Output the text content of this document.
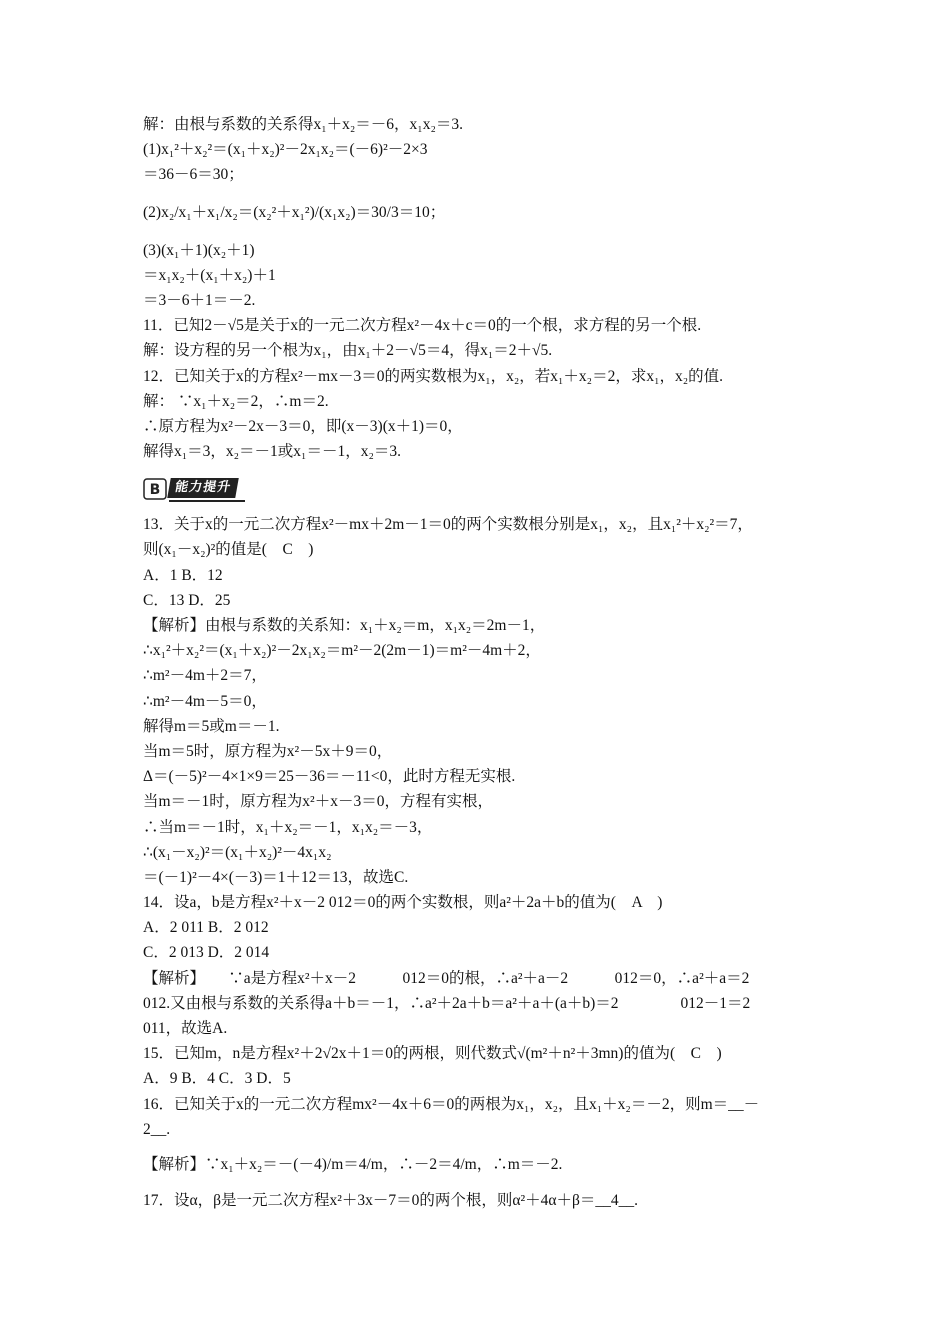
解：由根与系数的关系得x₁＋x₂＝－6，x₁x₂＝3.
(1)x₁²＋x₂²＝(x₁＋x₂)²－2x₁x₂＝(－6)²－2×3
＝36－6＝30；
(2)x₂/x₁＋x₁/x₂＝(x₂²＋x₁²)/(x₁x₂)＝30/3＝10；
(3)(x₁＋1)(x₂＋1)
＝x₁x₂＋(x₁＋x₂)＋1
＝3－6＋1＝－2.
11．已知2－√5是关于x的一元二次方程x²－4x＋c＝0的一个根，求方程的另一个根.
解：设方程的另一个根为x₁，由x₁＋2－√5＝4，得x₁＝2＋√5.
12．已知关于x的方程x²－mx－3＝0的两实数根为x₁，x₂，若x₁＋x₂＝2，求x₁，x₂的值.
解： ∵x₁＋x₂＝2，∴m＝2.
∴原方程为x²－2x－3＝0，即(x－3)(x＋1)＝0，
解得x₁＝3，x₂＝－1或x₁＝－1，x₂＝3.
B	能力提升
13．关于x的一元二次方程x²－mx＋2m－1＝0的两个实数根分别是x₁，x₂，且x₁²＋x₂²＝7，
则(x₁－x₂)²的值是(　C　)
A．1 B．12
C．13 D．25
【解析】由根与系数的关系知：x₁＋x₂＝m，x₁x₂＝2m－1，
∴x₁²＋x₂²＝(x₁＋x₂)²－2x₁x₂＝m²－2(2m－1)＝m²－4m＋2，
∴m²－4m＋2＝7，
∴m²－4m－5＝0，
解得m＝5或m＝－1.
当m＝5时，原方程为x²－5x＋9＝0，
Δ＝(－5)²－4×1×9＝25－36＝－11<0，此时方程无实根.
当m＝－1时，原方程为x²＋x－3＝0，方程有实根，
∴当m＝－1时，x₁＋x₂＝－1，x₁x₂＝－3，
∴(x₁－x₂)²＝(x₁＋x₂)²－4x₁x₂
＝(－1)²－4×(－3)＝1＋12＝13，故选C.
14．设a，b是方程x²＋x－2 012＝0的两个实数根，则a²＋2a＋b的值为(　A　)
A．2 011 B．2 012
C．2 013 D．2 014
【解析】　　∵a是方程x²＋x－2　　　012＝0的根，∴a²＋a－2　　　012＝0，∴a²＋a＝2
012.又由根与系数的关系得a＋b＝－1，∴a²＋2a＋b＝a²＋a＋(a＋b)＝2　　　　012－1＝2
011，故选A.
15．已知m，n是方程x²＋2√2x＋1＝0的两根，则代数式√(m²＋n²＋3mn)的值为(　C　)
A．9 B．4 C．3 D．5
16．已知关于x的一元二次方程mx²－4x＋6＝0的两根为x₁，x₂，且x₁＋x₂＝－2，则m＝__－
2__.
【解析】∵x₁＋x₂＝－(－4)/m＝4/m，∴－2＝4/m，∴m＝－2.
17．设α，β是一元二次方程x²＋3x－7＝0的两个根，则α²＋4α＋β＝__4__.
